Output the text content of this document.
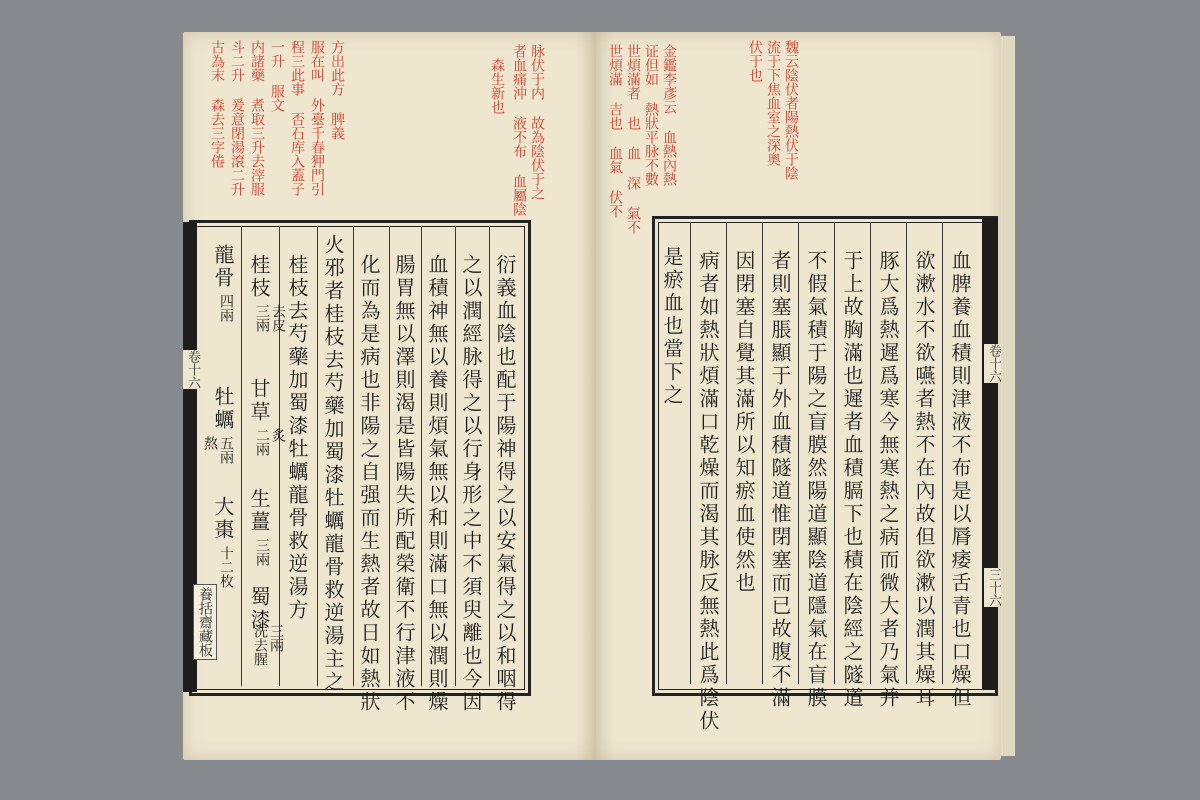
古為末 森去三字倦 斗二升 爰意閉湯滾二升 内諸藥 煮取三升去滓服 一升 服文 程三此事 否石库入蓋子 服在叫 外臺千春狎門引 方出此方 脾義	者血痛沖 液不布 血屬陰 脉伏于内 故為陰伏于之
森生新也
卷十六	衍義血陰也配于陽神得之以安氣得之以和咽得
之以潤經脉得之以行身形之中不須臾離也今因
血積神無以養則煩氣無以和則滿口無以潤則燥
腸胃無以澤則渴是皆陽失所配榮衛不行津液不
化而為是病也非陽之自强而生熱者故日如熱狀
火邪者桂枝去芍藥加蜀漆牡蠣龍骨救逆湯主之
桂枝去芍藥加蜀漆牡蠣龍骨救逆湯方
桂枝
三兩 去皮
甘草
二兩 炙
生薑
三兩
蜀漆
三兩
洗去腥
龍骨
四兩
牡蠣
五兩
熬
大棗
十二枚
養括齋藏板
魏云陰伏者陽熱伏于陰
流于下焦血室之深奧
伏于也
金鑑李彥云 血熱內熱
证但如 熱狀平脉不數
世煩滿者 也 血 深 氣不
世煩滿 吉也 血氣 伏不
卷十六
三十六
血脾養血積則津液不布是以脣痿舌青也口燥但
欲漱水不欲嚥者熱不在內故但欲漱以潤其燥耳
豚大爲熱遲爲寒今無寒熱之病而微大者乃氣并
于上故胸滿也遲者血積膈下也積在陰經之隧道
不假氣積于陽之盲膜然陽道顯陰道隱氣在盲膜
者則塞脹顯于外血積隧道惟閉塞而已故腹不滿
因閉塞自覺其滿所以知瘀血使然也
病者如熱狀煩滿口乾燥而渴其脉反無熱此爲陰伏
是瘀血也當下之
